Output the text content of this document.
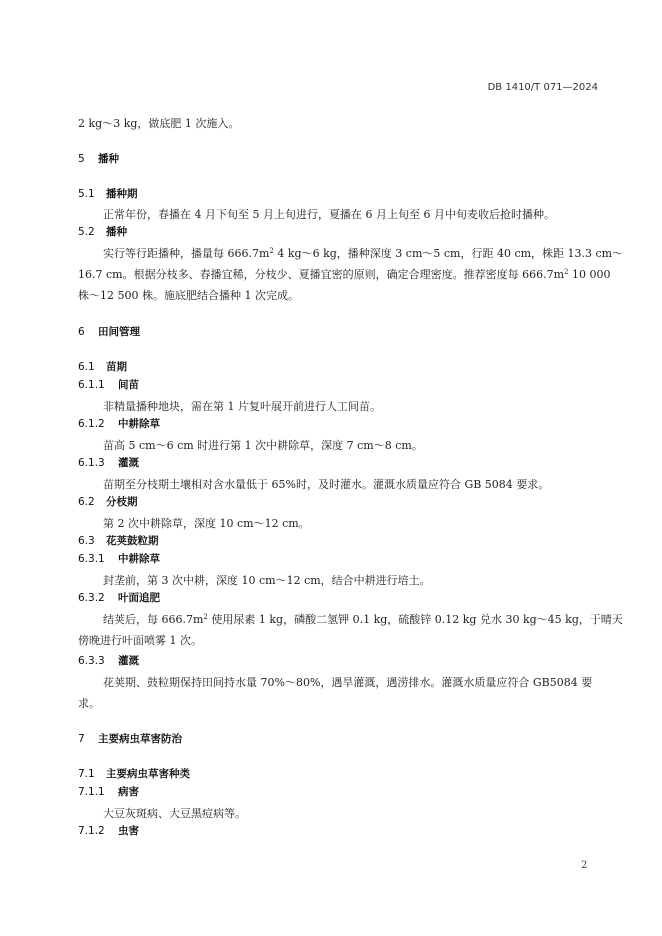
DB 1410/T 071—2024
2 kg～3 kg，做底肥 1 次施入。
5 播种
5.1 播种期
正常年份，春播在 4 月下旬至 5 月上旬进行，夏播在 6 月上旬至 6 月中旬麦收后抢时播种。
5.2 播种
实行等行距播种，播量每 $666.7m^2$ 4 kg～6 kg，播种深度 3 cm～5 cm，行距 40 cm，株距 13.3 cm～
16.7 cm。根据分枝多、春播宜稀，分枝少、夏播宜密的原则，确定合理密度。推荐密度每 $666.7m^2$ 10 000
株～12 500 株。施底肥结合播种 1 次完成。
6 田间管理
6.1 苗期
6.1.1 间苗
非精量播种地块，需在第 1 片复叶展开前进行人工间苗。
6.1.2 中耕除草
苗高 5 cm～6 cm 时进行第 1 次中耕除草，深度 7 cm～8 cm。
6.1.3 灌溉
苗期至分枝期土壤相对含水量低于 65%时，及时灌水。灌溉水质量应符合 GB 5084 要求。
6.2 分枝期
第 2 次中耕除草，深度 10 cm～12 cm。
6.3 花荚鼓粒期
6.3.1 中耕除草
封垄前，第 3 次中耕，深度 10 cm～12 cm，结合中耕进行培土。
6.3.2 叶面追肥
结荚后，每 $666.7m^2$ 使用尿素 1 kg，磷酸二氢钾 0.1 kg，硫酸锌 0.12 kg 兑水 30 kg～45 kg，于晴天
傍晚进行叶面喷雾 1 次。
6.3.3 灌溉
花荚期、鼓粒期保持田间持水量 70%～80%，遇旱灌溉，遇涝排水。灌溉水质量应符合 GB5084 要
求。
7 主要病虫草害防治
7.1 主要病虫草害种类
7.1.1 病害
大豆灰斑病、大豆黑痘病等。
7.1.2 虫害
2
